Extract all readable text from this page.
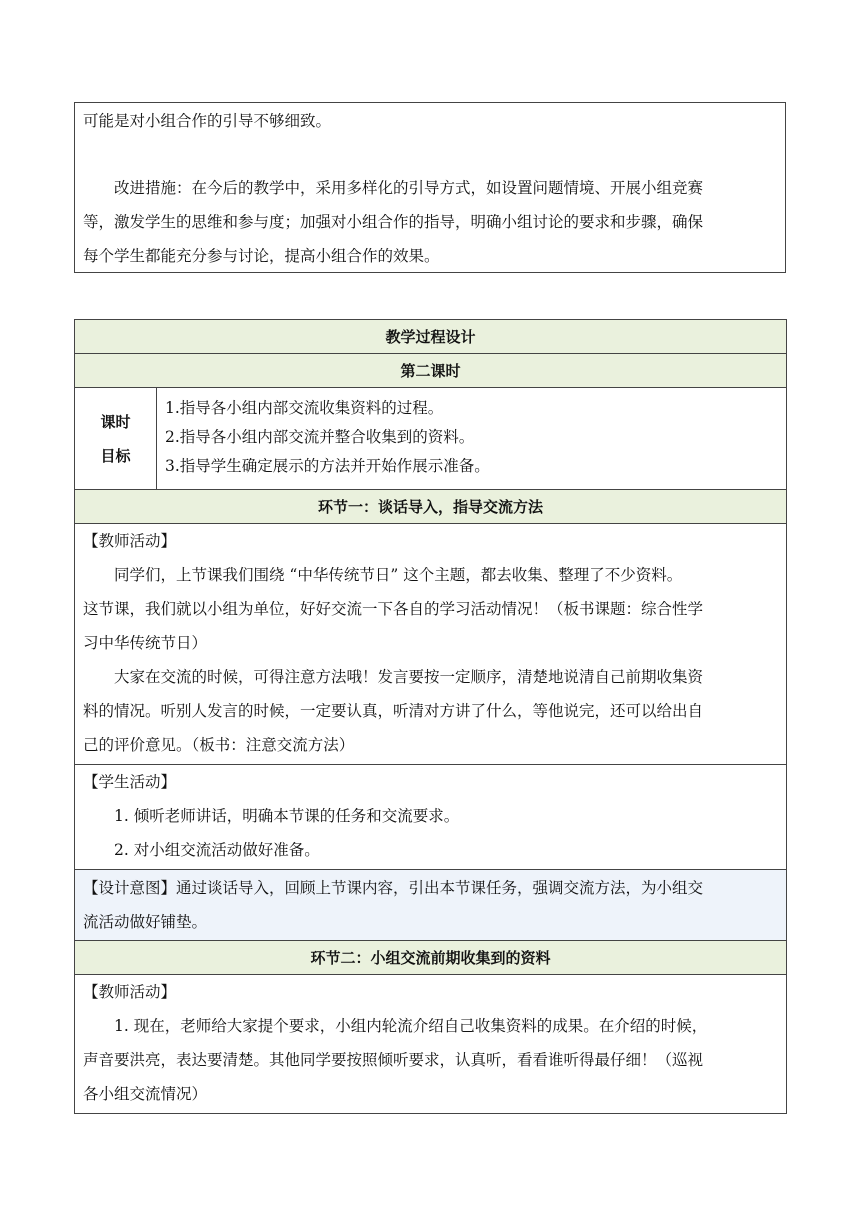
可能是对小组合作的引导不够细致。

改进措施：在今后的教学中，采用多样化的引导方式，如设置问题情境、开展小组竞赛

等，激发学生的思维和参与度；加强对小组合作的指导，明确小组讨论的要求和步骤，确保

每个学生都能充分参与讨论，提高小组合作的效果。

教学过程设计
第二课时

课时
目标

1.指导各小组内部交流收集资料的过程。
2.指导各小组内部交流并整合收集到的资料。
3.指导学生确定展示的方法并开始作展示准备。

环节一：谈话导入，指导交流方法

【教师活动】
同学们，上节课我们围绕 “中华传统节日” 这个主题，都去收集、整理了不少资料。
这节课，我们就以小组为单位，好好交流一下各自的学习活动情况！（板书课题：综合性学
习中华传统节日）
大家在交流的时候，可得注意方法哦！发言要按一定顺序，清楚地说清自己前期收集资
料的情况。听别人发言的时候，一定要认真，听清对方讲了什么，等他说完，还可以给出自
己的评价意见。（板书：注意交流方法）

【学生活动】
1. 倾听老师讲话，明确本节课的任务和交流要求。
2. 对小组交流活动做好准备。

【设计意图】通过谈话导入，回顾上节课内容，引出本节课任务，强调交流方法，为小组交
流活动做好铺垫。

环节二：小组交流前期收集到的资料

【教师活动】
1. 现在，老师给大家提个要求，小组内轮流介绍自己收集资料的成果。在介绍的时候，
声音要洪亮，表达要清楚。其他同学要按照倾听要求，认真听，看看谁听得最仔细！（巡视
各小组交流情况）
